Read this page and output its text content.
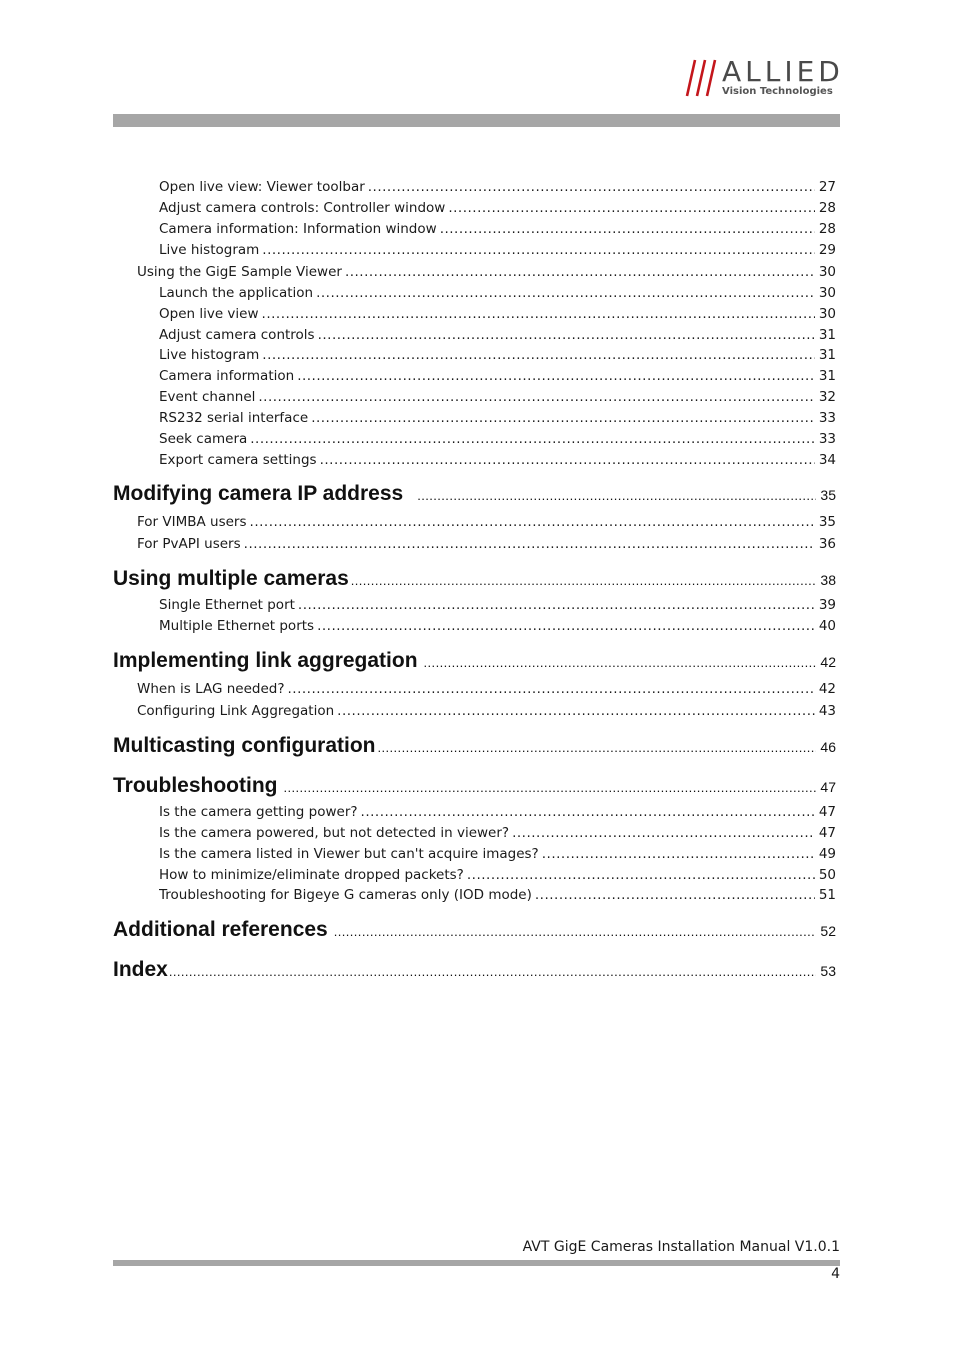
ALLIED
Vision Technologies
Open live view: Viewer toolbar .....	27
Adjust camera controls: Controller window .....	28
Camera information: Information window .....	28
Live histogram .....	29
Using the GigE Sample Viewer .....	30
Launch the application .....	30
Open live view .....	30
Adjust camera controls .....	31
Live histogram .....	31
Camera information .....	31
Event channel .....	32
RS232 serial interface .....	33
Seek camera .....	33
Export camera settings .....	34
Modifying camera IP address .....	35
For VIMBA users .....	35
For PvAPI users .....	36
Using multiple cameras .....	38
Single Ethernet port .....	39
Multiple Ethernet ports .....	40
Implementing link aggregation .....	42
When is LAG needed? .....	42
Configuring Link Aggregation .....	43
Multicasting configuration .....	46
Troubleshooting .....	47
Is the camera getting power? .....	47
Is the camera powered, but not detected in viewer? .....	47
Is the camera listed in Viewer but can't acquire images? .....	49
How to minimize/eliminate dropped packets? .....	50
Troubleshooting for Bigeye G cameras only (IOD mode) .....	51
Additional references .....	52
Index .....	53
AVT GigE Cameras Installation Manual V1.0.1
4
